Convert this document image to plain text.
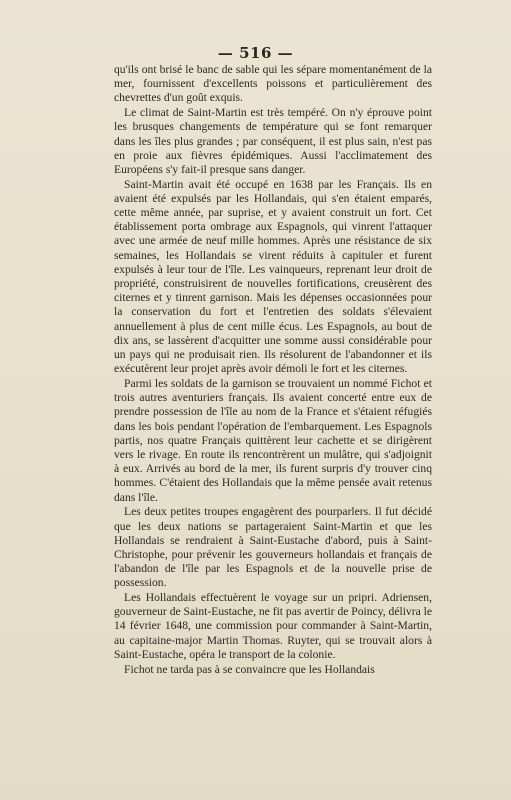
— 516 —

qu'ils ont brisé le banc de sable qui les sépare momentanément de la mer, fournissent d'excellents poissons et particulièrement des chevrettes d'un goût exquis.

Le climat de Saint-Martin est très tempéré. On n'y éprouve point les brusques changements de température qui se font remarquer dans les îles plus grandes ; par conséquent, il est plus sain, n'est pas en proie aux fièvres épidémiques. Aussi l'acclimatement des Européens s'y fait-il presque sans danger.

Saint-Martin avait été occupé en 1638 par les Français. Ils en avaient été expulsés par les Hollandais, qui s'en étaient emparés, cette même année, par suprise, et y avaient construit un fort. Cet établissement porta ombrage aux Espagnols, qui vinrent l'attaquer avec une armée de neuf mille hommes. Après une résistance de six semaines, les Hollandais se virent réduits à capituler et furent expulsés à leur tour de l'île. Les vainqueurs, reprenant leur droit de propriété, construisirent de nouvelles fortifications, creusèrent des citernes et y tinrent garnison. Mais les dépenses occasionnées pour la conservation du fort et l'entretien des soldats s'élevaient annuellement à plus de cent mille écus. Les Espagnols, au bout de dix ans, se lassèrent d'acquitter une somme aussi considérable pour un pays qui ne produisait rien. Ils résolurent de l'abandonner et ils exécutèrent leur projet après avoir démoli le fort et les citernes.

Parmi les soldats de la garnison se trouvaient un nommé Fichot et trois autres aventuriers français. Ils avaient concerté entre eux de prendre possession de l'île au nom de la France et s'étaient réfugiés dans les bois pendant l'opération de l'embarquement. Les Espagnols partis, nos quatre Français quittèrent leur cachette et se dirigèrent vers le rivage. En route ils rencontrèrent un mulâtre, qui s'adjoignit à eux. Arrivés au bord de la mer, ils furent surpris d'y trouver cinq hommes. C'étaient des Hollandais que la même pensée avait retenus dans l'île.

Les deux petites troupes engagèrent des pourparlers. Il fut décidé que les deux nations se partageraient Saint-Martin et que les Hollandais se rendraient à Saint-Eustache d'abord, puis à Saint-Christophe, pour prévenir les gouverneurs hollandais et français de l'abandon de l'île par les Espagnols et de la nouvelle prise de possession.

Les Hollandais effectuèrent le voyage sur un pripri. Adriensen, gouverneur de Saint-Eustache, ne fit pas avertir de Poincy, délivra le 14 février 1648, une commission pour commander à Saint-Martin, au capitaine-major Martin Thomas. Ruyter, qui se trouvait alors à Saint-Eustache, opéra le transport de la colonie.

Fichot ne tarda pas à se convaincre que les Hollandais
